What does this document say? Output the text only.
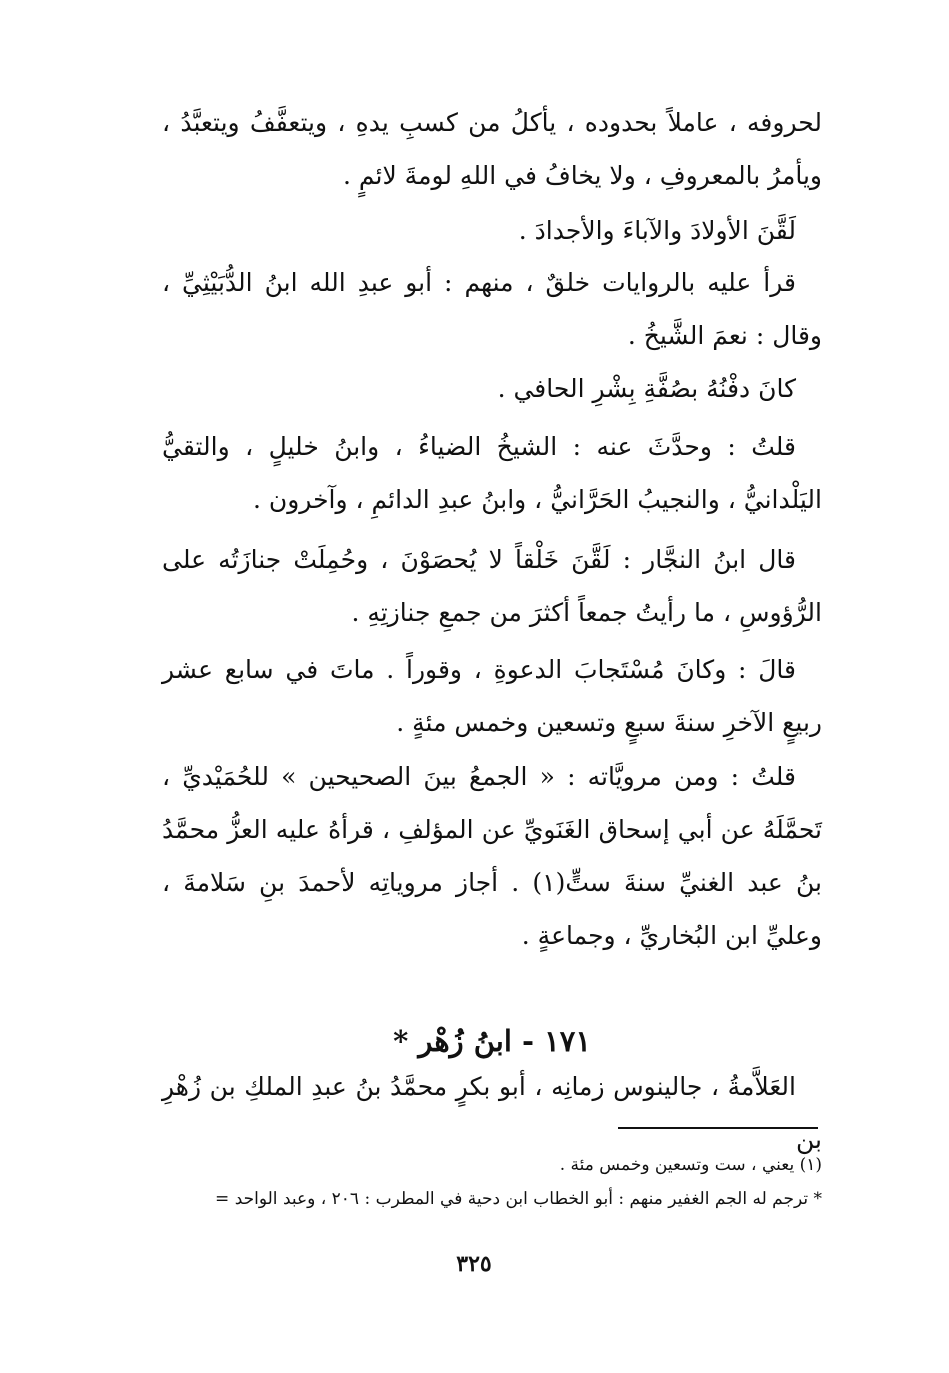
لحروفه ، عاملاً بحدوده ، يأكلُ من كسبِ يدهِ ، ويتعفَّفُ ويتعبَّدُ ، ويأمرُ بالمعروفِ ، ولا يخافُ في اللهِ لومةَ لائمٍ .

لَقَّنَ الأولادَ والآباءَ والأجدادَ .

قرأ عليه بالروايات خلقٌ ، منهم : أبو عبدِ الله ابنُ الدُّبَيْثِيِّ ، وقال : نعمَ الشَّيخُ .

كانَ دفْنُهُ بصُفَّةِ بِشْرِ الحافي .

قلتُ : وحدَّثَ عنه : الشيخُ الضياءُ ، وابنُ خليلٍ ، والتقيُّ اليَلْدانيُّ ، والنجيبُ الحَرَّانيُّ ، وابنُ عبدِ الدائمِ ، وآخرون .

قال ابنُ النجَّار : لَقَّنَ خَلْقاً لا يُحصَوْنَ ، وحُمِلَتْ جنازَتُه على الرُّؤوسِ ، ما رأيتُ جمعاً أكثرَ من جمعِ جنازتِهِ .

قالَ : وكانَ مُسْتَجابَ الدعوةِ ، وقوراً . ماتَ في سابع عشر ربيعٍ الآخرِ سنةَ سبعٍ وتسعين وخمس مئةٍ .

قلتُ : ومن مرويَّاته : « الجمعُ بينَ الصحيحين » للحُمَيْديِّ ، تَحمَّلَهُ عن أبي إسحاق الغَنَويِّ عن المؤلفِ ، قرأهُ عليه العزُّ محمَّدُ بنُ عبد الغنيِّ سنةَ ستٍّ(١) . أجاز مروياتِه لأحمدَ بنِ سَلامةَ ، وعليِّ ابن البُخاريِّ ، وجماعةٍ .

١٧١ - ابنُ زُهْر *

العَلاَّمةُ ، جالينوس زمانِه ، أبو بكرٍ محمَّدُ بنُ عبدِ الملكِ بن زُهْرِ بن

(١) يعني ، ست وتسعين وخمس مئة .

* ترجم له الجم الغفير منهم : أبو الخطاب ابن دحية في المطرب : ٢٠٦ ، وعبد الواحد =

٣٢٥
